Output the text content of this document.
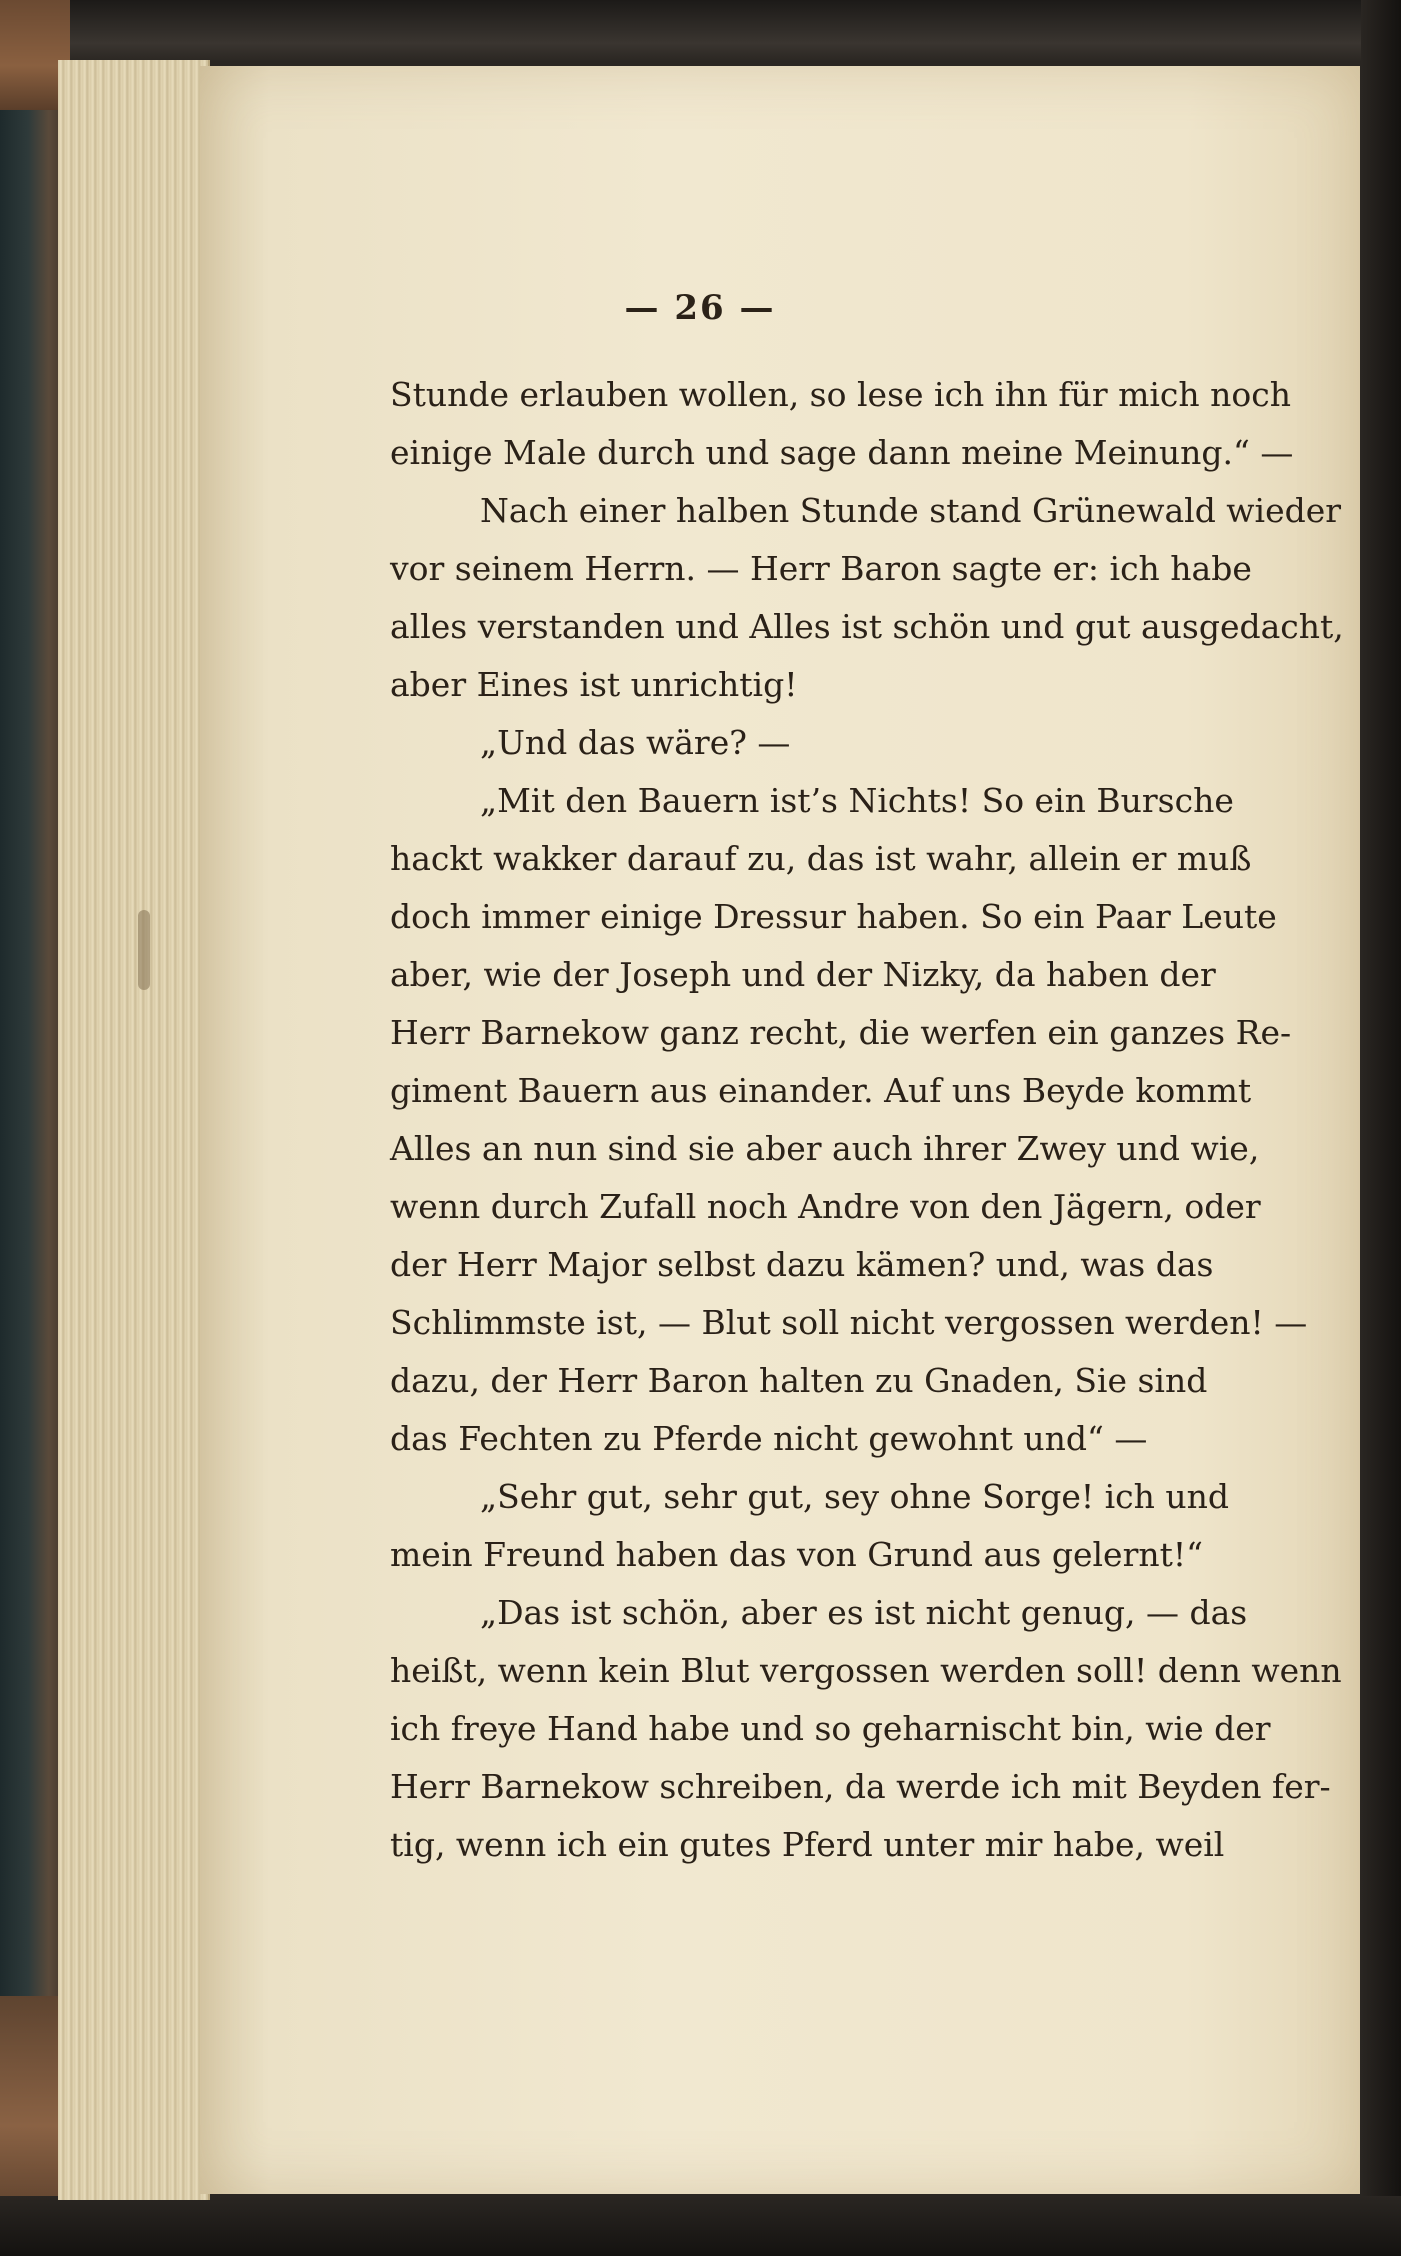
— 26 —
Stunde erlauben wollen, so lese ich ihn für mich noch
einige Male durch und sage dann meine Meinung.“ —
Nach einer halben Stunde stand Grünewald wieder
vor seinem Herrn. — Herr Baron sagte er: ich habe
alles verstanden und Alles ist schön und gut ausgedacht,
aber Eines ist unrichtig!
„Und das wäre? —
„Mit den Bauern ist’s Nichts! So ein Bursche
hackt wakker darauf zu, das ist wahr, allein er muß
doch immer einige Dressur haben. So ein Paar Leute
aber, wie der Joseph und der Nizky, da haben der
Herr Barnekow ganz recht, die werfen ein ganzes Re-
giment Bauern aus einander. Auf uns Beyde kommt
Alles an nun sind sie aber auch ihrer Zwey und wie,
wenn durch Zufall noch Andre von den Jägern, oder
der Herr Major selbst dazu kämen? und, was das
Schlimmste ist, — Blut soll nicht vergossen werden! —
dazu, der Herr Baron halten zu Gnaden, Sie sind
das Fechten zu Pferde nicht gewohnt und“ —
„Sehr gut, sehr gut, sey ohne Sorge! ich und
mein Freund haben das von Grund aus gelernt!“
„Das ist schön, aber es ist nicht genug, — das
heißt, wenn kein Blut vergossen werden soll! denn wenn
ich freye Hand habe und so geharnischt bin, wie der
Herr Barnekow schreiben, da werde ich mit Beyden fer-
tig, wenn ich ein gutes Pferd unter mir habe, weil
